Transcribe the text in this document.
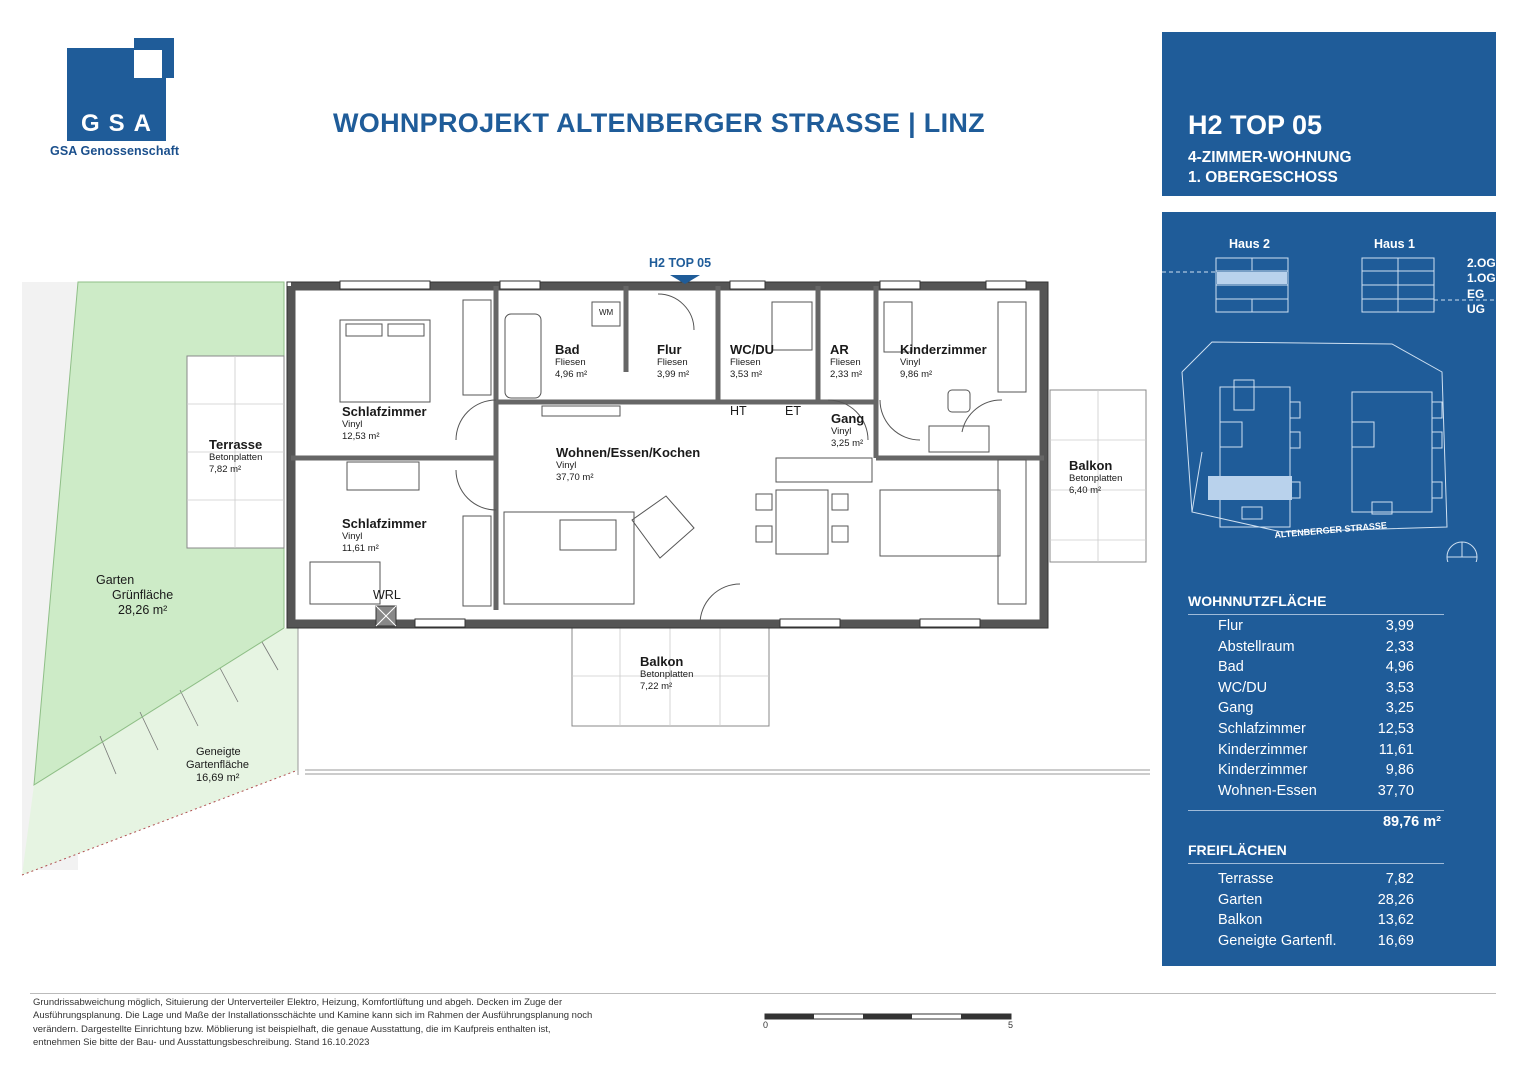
GSA
GSA Genossenschaft
WOHNPROJEKT ALTENBERGER STRASSE | LINZ	H2 TOP 05
4-ZIMMER-WOHNUNG
1. OBERGESCHOSS
Haus 2	Haus 1
2.OG
1.OG
EG
UG
ALTENBERGER STRASSE
WOHNNUTZFLÄCHE
Flur	3,99
Abstellraum	2,33
Bad	4,96
WC/DU	3,53
Gang	3,25
Schlafzimmer	12,53
Kinderzimmer	11,61
Kinderzimmer	9,86
Wohnen-Essen	37,70
89,76 m²
FREIFLÄCHEN
Terrasse	7,82
Garten	28,26
Balkon	13,62
Geneigte Gartenfl.	16,69
H2 TOP 05
Bad
Fliesen
4,96 m²
Flur
Fliesen
3,99 m²
WC/DU
Fliesen
3,53 m²
AR
Fliesen
2,33 m²
Kinderzimmer
Vinyl
9,86 m²
Schlafzimmer
Vinyl
12,53 m²
Schlafzimmer
Vinyl
11,61 m²
Wohnen/Essen/Kochen
Vinyl
37,70 m²
Gang
Vinyl
3,25 m²
Terrasse
Betonplatten
7,82 m²	Balkon
Betonplatten
6,40 m²
Balkon
Betonplatten
7,22 m²
Garten
Grünfläche
28,26 m²
Geneigte
Gartenfläche
16,69 m²
WM
HT	ET
WRL
Grundrissabweichung möglich, Situierung der Unterverteiler Elektro, Heizung, Komfortlüftung und abgeh. Decken im Zuge der Ausführungsplanung. Die Lage und Maße der Installationsschächte und Kamine kann sich im Rahmen der Ausführungsplanung noch verändern. Dargestellte Einrichtung bzw. Möblierung ist beispielhaft, die genaue Ausstattung, die im Kaufpreis enthalten ist, entnehmen Sie bitte der Bau- und Ausstattungsbeschreibung. Stand 16.10.2023
0	5
